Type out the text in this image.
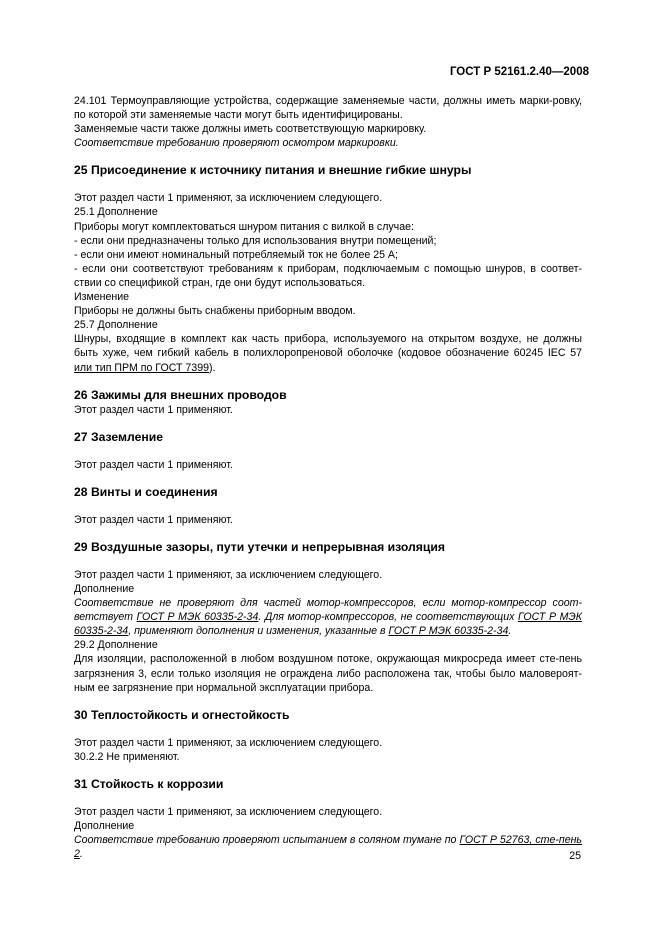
ГОСТ Р 52161.2.40—2008

24.101 Термоуправляющие устройства, содержащие заменяемые части, должны иметь марки-ровку, по которой эти заменяемые части могут быть идентифицированы.

Заменяемые части также должны иметь соответствующую маркировку.

Соответствие требованию проверяют осмотром маркировки.

25 Присоединение к источнику питания и внешние гибкие шнуры

Этот раздел части 1 применяют, за исключением следующего.

25.1 Дополнение

Приборы могут комплектоваться шнуром питания с вилкой в случае:

- если они предназначены только для использования внутри помещений;

- если они имеют номинальный потребляемый ток не более 25 А;

- если они соответствуют требованиям к приборам, подключаемым с помощью шнуров, в соответ-ствии со спецификой стран, где они будут использоваться.

Изменение

Приборы не должны быть снабжены приборным вводом.

25.7 Дополнение

Шнуры, входящие в комплект как часть прибора, используемого на открытом воздухе, не должны быть хуже, чем гибкий кабель в полихлоропреновой оболочке (кодовое обозначение 60245 IEC 57 или тип ПРМ по ГОСТ 7399).

26 Зажимы для внешних проводов

Этот раздел части 1 применяют.

27 Заземление

Этот раздел части 1 применяют.

28 Винты и соединения

Этот раздел части 1 применяют.

29 Воздушные зазоры, пути утечки и непрерывная изоляция

Этот раздел части 1 применяют, за исключением следующего.

Дополнение

Соответствие не проверяют для частей мотор-компрессоров, если мотор-компрессор соот-ветствует ГОСТ Р МЭК 60335-2-34. Для мотор-компрессоров, не соответствующих ГОСТ Р МЭК 60335-2-34, применяют дополнения и изменения, указанные в ГОСТ Р МЭК 60335-2-34.

29.2 Дополнение

Для изоляции, расположенной в любом воздушном потоке, окружающая микросреда имеет сте-пень загрязнения 3, если только изоляция не ограждена либо расположена так, чтобы было маловероят-ным ее загрязнение при нормальной эксплуатации прибора.

30 Теплостойкость и огнестойкость

Этот раздел части 1 применяют, за исключением следующего.

30.2.2 Не применяют.

31 Стойкость к коррозии

Этот раздел части 1 применяют, за исключением следующего.

Дополнение

Соответствие требованию проверяют испытанием в соляном тумане по ГОСТ Р 52763, сте-пень 2.	25
